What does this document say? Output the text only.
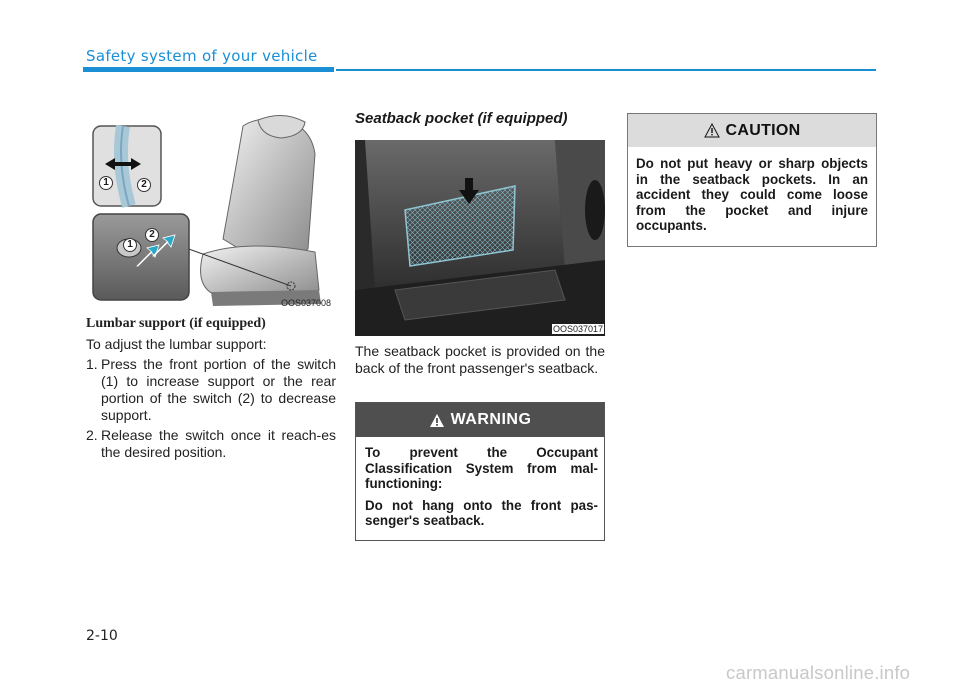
Safety system of your vehicle
1	2
1
2
OOS037008
Lumbar support (if equipped)
To adjust the lumbar support:
1. Press the front portion of the switch (1) to increase support or the rear portion of the switch (2) to decrease support.
2. Release the switch once it reach-es the desired position.
Seatback pocket (if equipped)
OOS037017
The seatback pocket is provided on the back of the front passenger's seatback.
WARNING

To prevent the Occupant Classification System from mal-functioning:

Do not hang onto the front pas-senger's seatback.

CAUTION
Do not put heavy or sharp objects in the seatback pockets. In an accident they could come loose from the pocket and injure occupants.
2-10
carmanualsonline.info
